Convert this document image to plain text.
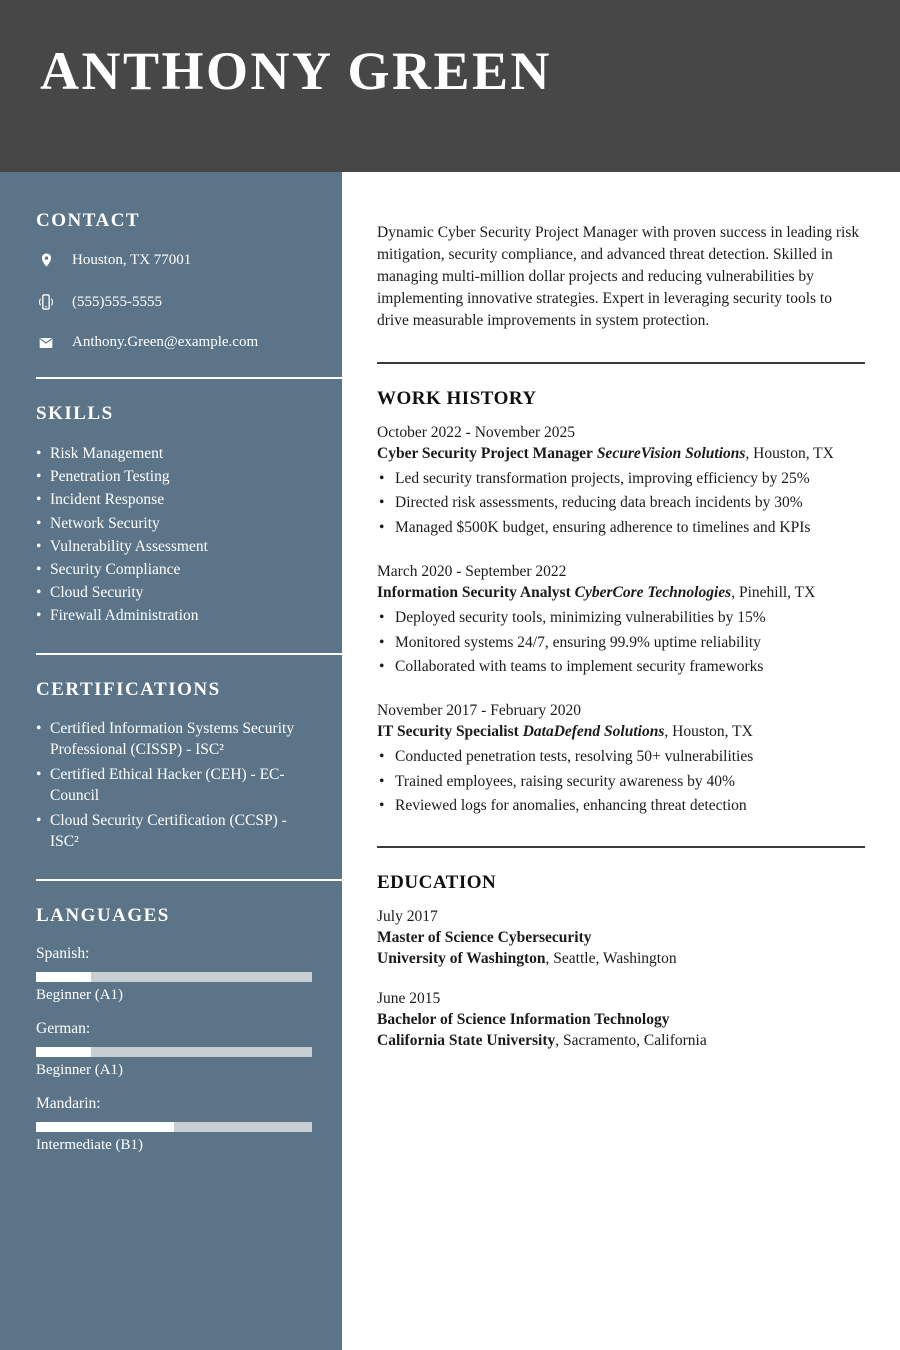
ANTHONY GREEN
CONTACT
Houston, TX 77001
(555)555-5555
Anthony.Green@example.com
SKILLS
• Risk Management
• Penetration Testing
• Incident Response
• Network Security
• Vulnerability Assessment
• Security Compliance
• Cloud Security
• Firewall Administration
CERTIFICATIONS
• Certified Information Systems Security Professional (CISSP) - ISC²
• Certified Ethical Hacker (CEH) - EC-Council
• Cloud Security Certification (CCSP) - ISC²
LANGUAGES
Spanish:
Beginner (A1)
German:
Beginner (A1)
Mandarin:
Intermediate (B1)

Dynamic Cyber Security Project Manager with proven success in leading risk mitigation, security compliance, and advanced threat detection. Skilled in managing multi-million dollar projects and reducing vulnerabilities by implementing innovative strategies. Expert in leveraging security tools to drive measurable improvements in system protection.

WORK HISTORY
October 2022 - November 2025
Cyber Security Project Manager SecureVision Solutions, Houston, TX
• Led security transformation projects, improving efficiency by 25%
• Directed risk assessments, reducing data breach incidents by 30%
• Managed $500K budget, ensuring adherence to timelines and KPIs
March 2020 - September 2022
Information Security Analyst CyberCore Technologies, Pinehill, TX
• Deployed security tools, minimizing vulnerabilities by 15%
• Monitored systems 24/7, ensuring 99.9% uptime reliability
• Collaborated with teams to implement security frameworks
November 2017 - February 2020
IT Security Specialist DataDefend Solutions, Houston, TX
• Conducted penetration tests, resolving 50+ vulnerabilities
• Trained employees, raising security awareness by 40%
• Reviewed logs for anomalies, enhancing threat detection
EDUCATION
July 2017
Master of Science Cybersecurity
University of Washington, Seattle, Washington
June 2015
Bachelor of Science Information Technology
California State University, Sacramento, California
